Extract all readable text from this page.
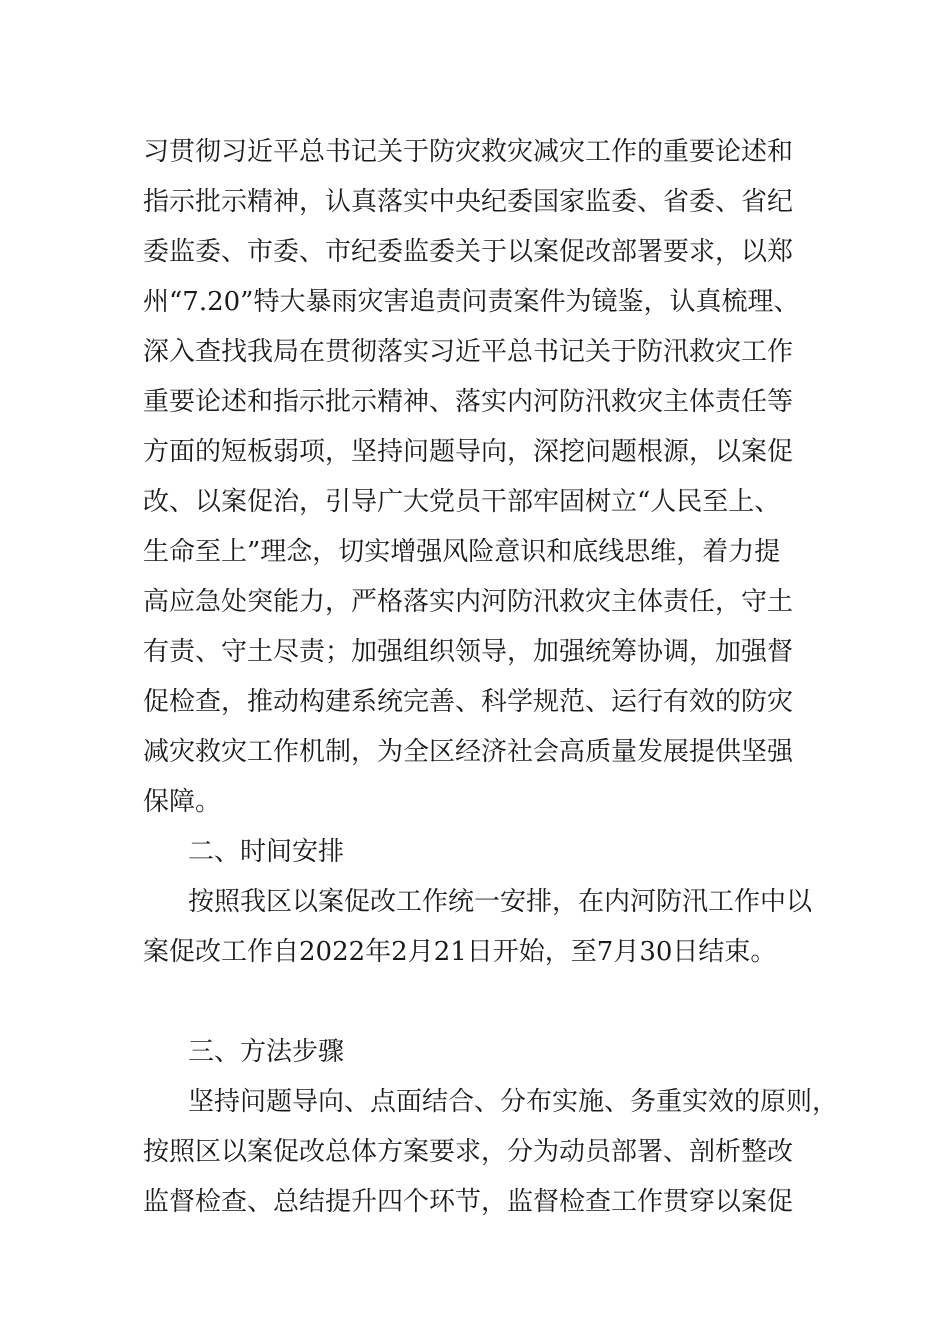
习贯彻习近平总书记关于防灾救灾减灾工作的重要论述和
指示批示精神，认真落实中央纪委国家监委、省委、省纪
委监委、市委、市纪委监委关于以案促改部署要求，以郑
州“7.20”特大暴雨灾害追责问责案件为镜鉴，认真梳理、
深入查找我局在贯彻落实习近平总书记关于防汛救灾工作
重要论述和指示批示精神、落实内河防汛救灾主体责任等
方面的短板弱项，坚持问题导向，深挖问题根源，以案促
改、以案促治，引导广大党员干部牢固树立“人民至上、
生命至上”理念，切实增强风险意识和底线思维，着力提
高应急处突能力，严格落实内河防汛救灾主体责任，守土
有责、守土尽责；加强组织领导，加强统筹协调，加强督
促检查，推动构建系统完善、科学规范、运行有效的防灾
减灾救灾工作机制，为全区经济社会高质量发展提供坚强
保障。
二、时间安排
按照我区以案促改工作统一安排，在内河防汛工作中以
案促改工作自2022年2月21日开始，至7月30日结束。
三、方法步骤
坚持问题导向、点面结合、分布实施、务重实效的原则，
按照区以案促改总体方案要求，分为动员部署、剖析整改
监督检查、总结提升四个环节，监督检查工作贯穿以案促
